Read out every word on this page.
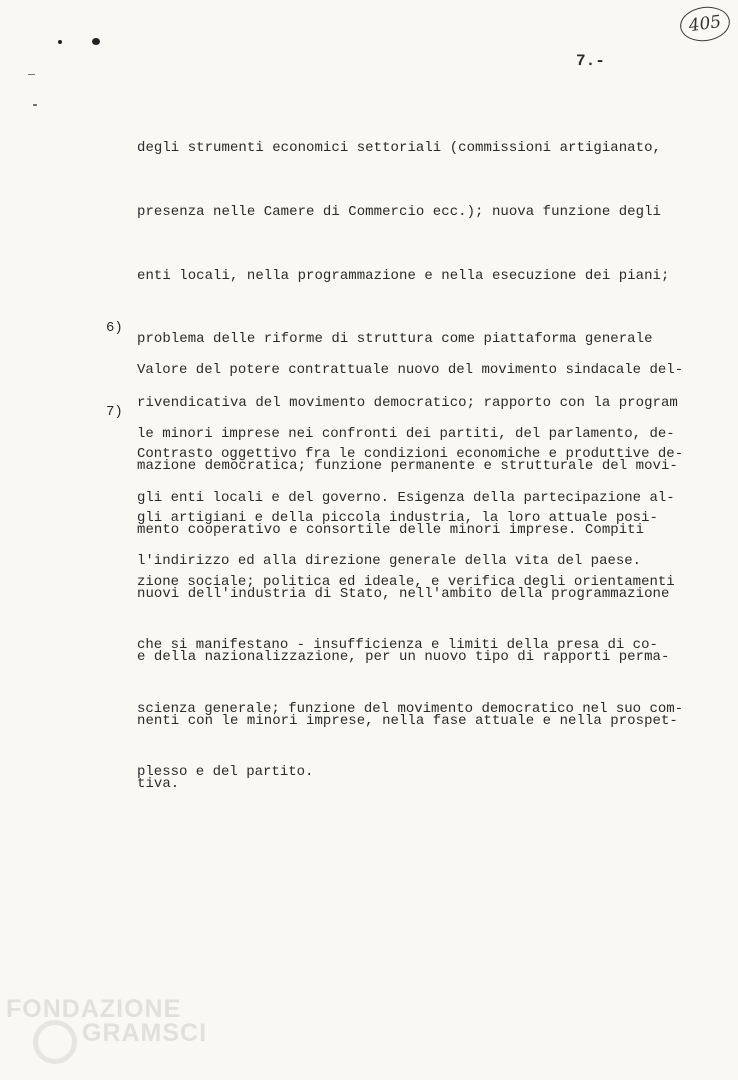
405
7.-

degli strumenti economici settoriali (commissioni artigianato,

presenza nelle Camere di Commercio ecc.); nuova funzione degli

enti locali, nella programmazione e nella esecuzione dei piani;

problema delle riforme di struttura come piattaforma generale

rivendicativa del movimento democratico; rapporto con la program

mazione democratica; funzione permanente e strutturale del movi-

mento cooperativo e consortile delle minori imprese. Compiti

nuovi dell'industria di Stato, nell'ambito della programmazione

e della nazionalizzazione, per un nuovo tipo di rapporti perma-

nenti con le minori imprese, nella fase attuale e nella prospet-

tiva.

6)

Valore del potere contrattuale nuovo del movimento sindacale del-

le minori imprese nei confronti dei partiti, del parlamento, de-

gli enti locali e del governo. Esigenza della partecipazione al-

l'indirizzo ed alla direzione generale della vita del paese.

7)

Contrasto oggettivo fra le condizioni economiche e produttive de-

gli artigiani e della piccola industria, la loro attuale posi-

zione sociale; politica ed ideale, e verifica degli orientamenti

che si manifestano - insufficienza e limiti della presa di co-

scienza generale; funzione del movimento democratico nel suo com-

plesso e del partito.

FONDAZIONE
GRAMSCI
